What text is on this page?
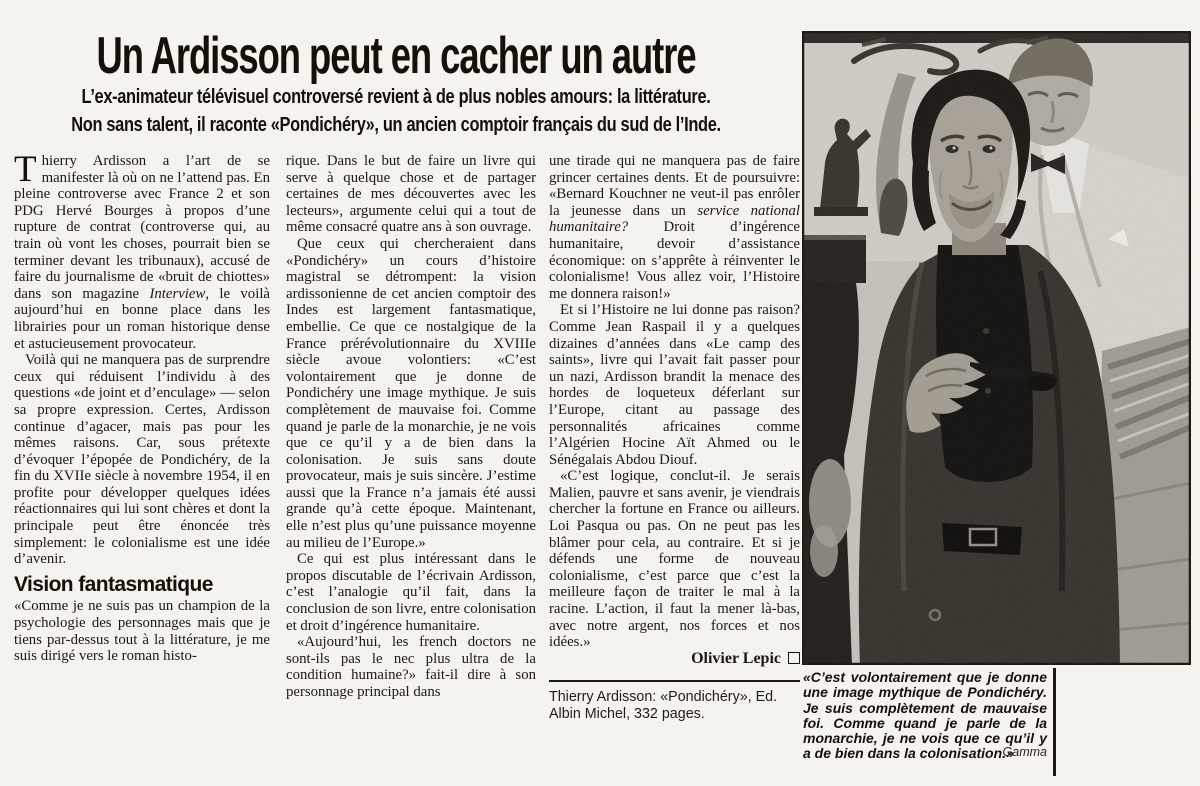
Un Ardisson peut en cacher un autre
L’ex-animateur télévisuel controversé revient à de plus nobles amours: la littérature.
Non sans talent, il raconte «Pondichéry», un ancien comptoir français du sud de l’Inde.

Thierry Ardisson a l’art de se manifester là où on ne l’attend pas. En pleine controverse avec France 2 et son PDG Hervé Bourges à propos d’une rupture de contrat (controverse qui, au train où vont les choses, pourrait bien se terminer devant les tribunaux), accusé de faire du journalisme de «bruit de chiottes» dans son magazine Interview, le voilà aujourd’hui en bonne place dans les librairies pour un roman historique dense et astucieusement provocateur.

Voilà qui ne manquera pas de surprendre ceux qui réduisent l’individu à des questions «de joint et d’enculage» — selon sa propre expression. Certes, Ardisson continue d’agacer, mais pas pour les mêmes raisons. Car, sous prétexte d’évoquer l’épopée de Pondichéry, de la fin du XVIIe siècle à novembre 1954, il en profite pour développer quelques idées réactionnaires qui lui sont chères et dont la principale peut être énoncée très simplement: le colonialisme est une idée d’avenir.

Vision fantasmatique

«Comme je ne suis pas un champion de la psychologie des personnages mais que je tiens par-dessus tout à la littérature, je me suis dirigé vers le roman histo-

rique. Dans le but de faire un livre qui serve à quelque chose et de partager certaines de mes découvertes avec les lecteurs», argumente celui qui a tout de même consacré quatre ans à son ouvrage.

Que ceux qui chercheraient dans «Pondichéry» un cours d’histoire magistral se détrompent: la vision ardissonienne de cet ancien comptoir des Indes est largement fantasmatique, embellie. Ce que ce nostalgique de la France prérévolutionnaire du XVIIIe siècle avoue volontiers: «C’est volontairement que je donne de Pondichéry une image mythique. Je suis complètement de mauvaise foi. Comme quand je parle de la monarchie, je ne vois que ce qu’il y a de bien dans la colonisation. Je suis sans doute provocateur, mais je suis sincère. J’estime aussi que la France n’a jamais été aussi grande qu’à cette époque. Maintenant, elle n’est plus qu’une puissance moyenne au milieu de l’Europe.»

Ce qui est plus intéressant dans le propos discutable de l’écrivain Ardisson, c’est l’analogie qu’il fait, dans la conclusion de son livre, entre colonisation et droit d’ingérence humanitaire.

«Aujourd’hui, les french doctors ne sont-ils pas le nec plus ultra de la condition humaine?» fait-il dire à son personnage principal dans

une tirade qui ne manquera pas de faire grincer certaines dents. Et de poursuivre: «Bernard Kouchner ne veut-il pas enrôler la jeunesse dans un service national humanitaire? Droit d’ingérence humanitaire, devoir d’assistance économique: on s’apprête à réinventer le colonialisme! Vous allez voir, l’Histoire me donnera raison!»

Et si l’Histoire ne lui donne pas raison? Comme Jean Raspail il y a quelques dizaines d’années dans «Le camp des saints», livre qui l’avait fait passer pour un nazi, Ardisson brandit la menace des hordes de loqueteux déferlant sur l’Europe, citant au passage des personnalités africaines comme l’Algérien Hocine Aït Ahmed ou le Sénégalais Abdou Diouf.

«C’est logique, conclut-il. Je serais Malien, pauvre et sans avenir, je viendrais chercher la fortune en France ou ailleurs. Loi Pasqua ou pas. On ne peut pas les blâmer pour cela, au contraire. Et si je défends une forme de nouveau colonialisme, c’est parce que c’est la meilleure façon de traiter le mal à la racine. L’action, il faut la mener là-bas, avec notre argent, nos forces et nos idées.»

Olivier Lepic

Thierry Ardisson: «Pondichéry», Ed. Albin Michel, 332 pages.

«C’est volontairement que je donne une image mythique de Pondichéry. Je suis complètement de mauvaise foi. Comme quand je parle de la monarchie, je ne vois que ce qu’il y a de bien dans la colonisation.»
Gamma
